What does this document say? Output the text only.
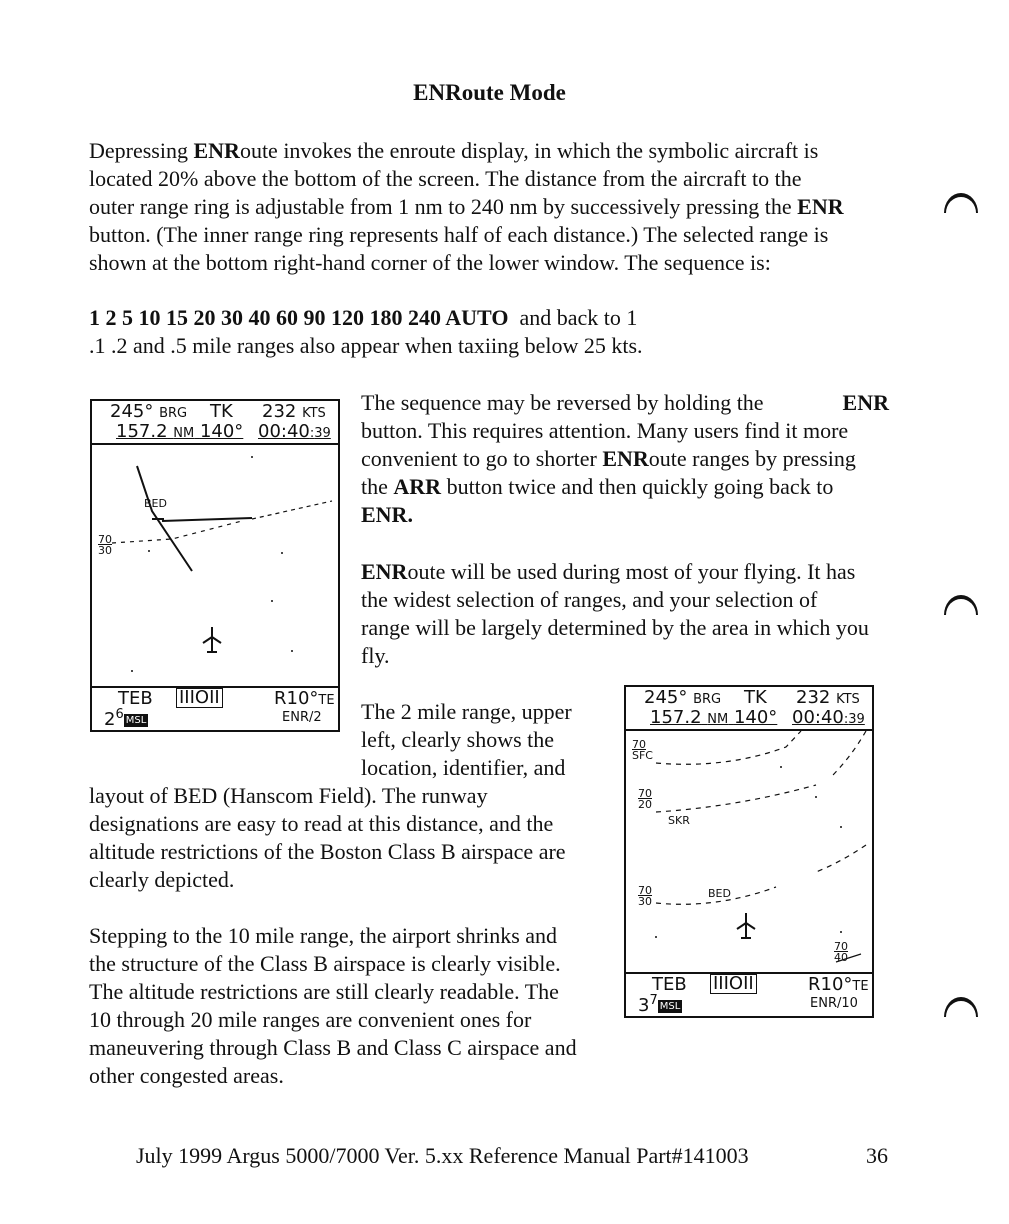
ENRoute Mode
Depressing ENRoute invokes the enroute display, in which the symbolic aircraft is
located 20% above the bottom of the screen. The distance from the aircraft to the
outer range ring is adjustable from 1 nm to 240 nm by successively pressing the ENR
button. (The inner range ring represents half of each distance.) The selected range is
shown at the bottom right-hand corner of the lower window. The sequence is:
1 2 5 10 15 20 30 40 60 90 120 180 240 AUTO and back to 1
.1 .2 and .5 mile ranges also appear when taxiing below 25 kts.
245° BRG TK 232 KTS
157.2 NM 140° 00:40:39
BED
70
30
TEB IIIOII	R10°TE
$2^6$ MSL	ENR/2
The sequence may be reversed by holding the	ENR
button. This requires attention. Many users find it more
convenient to go to shorter ENRoute ranges by pressing
the ARR button twice and then quickly going back to
ENR.
ENRoute will be used during most of your flying. It has
the widest selection of ranges, and your selection of
range will be largely determined by the area in which you
fly.
The 2 mile range, upper
left, clearly shows the
location, identifier, and
layout of BED (Hanscom Field). The runway
designations are easy to read at this distance, and the
altitude restrictions of the Boston Class B airspace are
clearly depicted.
Stepping to the 10 mile range, the airport shrinks and
the structure of the Class B airspace is clearly visible.
The altitude restrictions are still clearly readable. The
10 through 20 mile ranges are convenient ones for
maneuvering through Class B and Class C airspace and
other congested areas.
245° BRG TK 232 KTS
157.2 NM 140° 00:40:39
70
SFC
70
20
SKR
70
30
BED
70
40
TEB IIIOII	R10°TE
$3^7$ MSL	ENR/10
July 1999 Argus 5000/7000 Ver. 5.xx Reference Manual Part#141003	36
